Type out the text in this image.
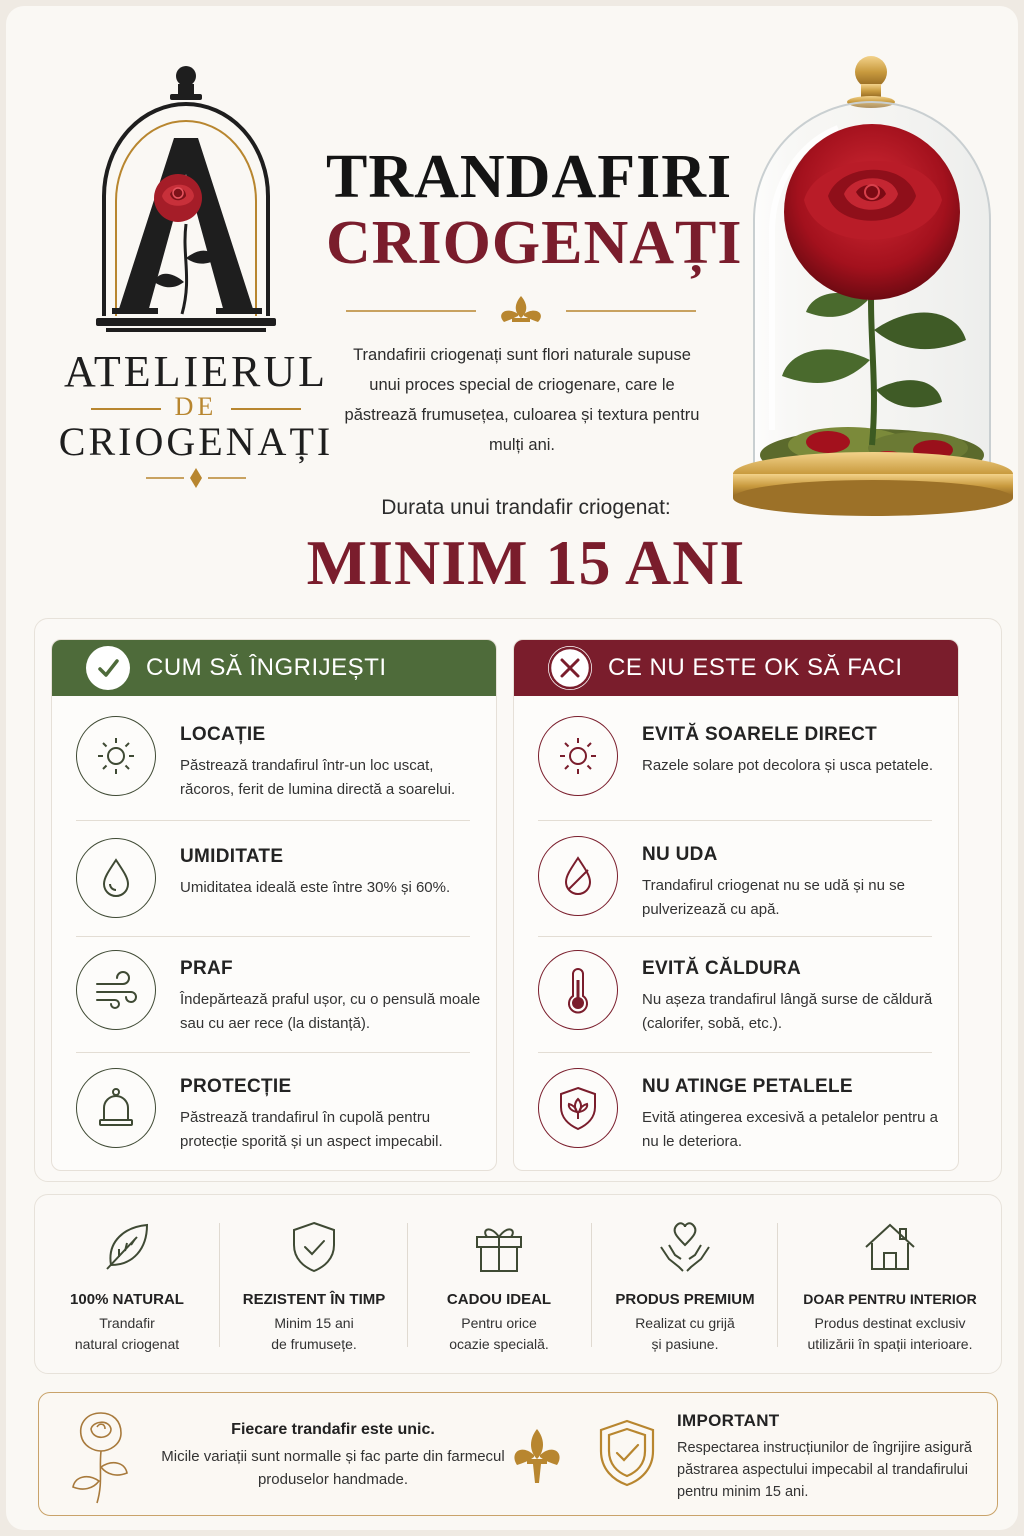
ATELIERUL
DE
CRIOGENAȚI
TRANDAFIRI
CRIOGENAȚI
Trandafirii criogenați sunt flori naturale supuse unui proces special de criogenare, care le păstrează frumusețea, culoarea și textura pentru mulți ani.
Durata unui trandafir criogenat:
MINIM 15 ANI
CUM SĂ ÎNGRIJEȘTI
LOCAȚIE
Păstrează trandafirul într-un loc uscat, răcoros, ferit de lumina directă a soarelui.
UMIDITATE
Umiditatea ideală este între 30% și 60%.
PRAF
Îndepărtează praful ușor, cu o pensulă moale sau cu aer rece (la distanță).
PROTECȚIE
Păstrează trandafirul în cupolă pentru protecție sporită și un aspect impecabil.
CE NU ESTE OK SĂ FACI
EVITĂ SOARELE DIRECT
Razele solare pot decolora și usca petatele.
NU UDA
Trandafirul criogenat nu se udă și nu se pulverizează cu apă.
EVITĂ CĂLDURA
Nu așeza trandafirul lângă surse de căldură (calorifer, sobă, etc.).
NU ATINGE PETALELE
Evită atingerea excesivă a petalelor pentru a nu le deteriora.
100% NATURAL
Trandafir
natural criogenat
REZISTENT ÎN TIMP
Minim 15 ani
de frumusețe.
CADOU IDEAL
Pentru orice
ocazie specială.
PRODUS PREMIUM
Realizat cu grijă
și pasiune.
DOAR PENTRU INTERIOR
Produs destinat exclusiv
utilizării în spații interioare.
Fiecare trandafir este unic.
Micile variații sunt normalle și fac parte din farmecul produselor handmade.
IMPORTANT
Respectarea instrucțiunilor de îngrijire asigură păstrarea aspectului impecabil al trandafirului pentru minim 15 ani.
